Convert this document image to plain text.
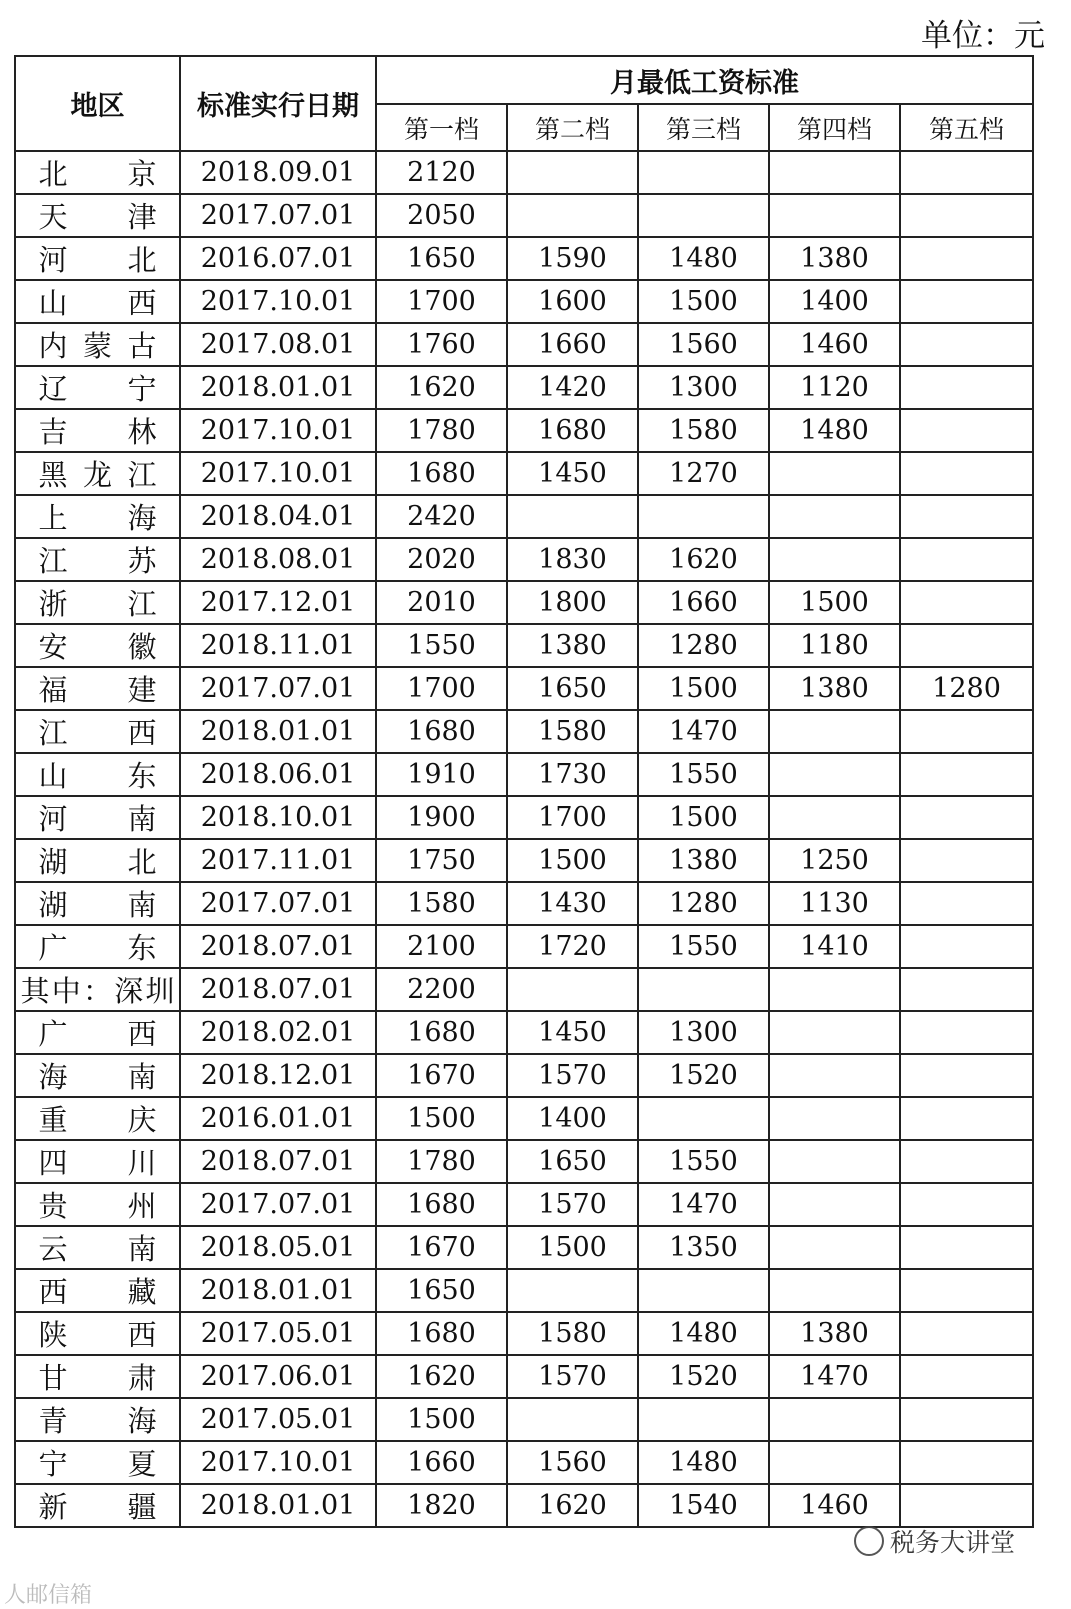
单位：元
地区	标准实行日期	月最低工资标准				
		第一档	第二档	第三档	第四档	第五档
北　京	2018.09.01	2120				
天　津	2017.07.01	2050				
河　北	2016.07.01	1650	1590	1480	1380	
山　西	2017.10.01	1700	1600	1500	1400	
内蒙古	2017.08.01	1760	1660	1560	1460	
辽　宁	2018.01.01	1620	1420	1300	1120	
吉　林	2017.10.01	1780	1680	1580	1480	
黑龙江	2017.10.01	1680	1450	1270		
上　海	2018.04.01	2420				
江　苏	2018.08.01	2020	1830	1620		
浙　江	2017.12.01	2010	1800	1660	1500	
安　徽	2018.11.01	1550	1380	1280	1180	
福　建	2017.07.01	1700	1650	1500	1380	1280
江　西	2018.01.01	1680	1580	1470		
山　东	2018.06.01	1910	1730	1550		
河　南	2018.10.01	1900	1700	1500		
湖　北	2017.11.01	1750	1500	1380	1250	
湖　南	2017.07.01	1580	1430	1280	1130	
广　东	2018.07.01	2100	1720	1550	1410	
其中：深圳	2018.07.01	2200				
广　西	2018.02.01	1680	1450	1300		
海　南	2018.12.01	1670	1570	1520		
重　庆	2016.01.01	1500	1400			
四　川	2018.07.01	1780	1650	1550		
贵　州	2017.07.01	1680	1570	1470		
云　南	2018.05.01	1670	1500	1350		
西　藏	2018.01.01	1650				
陕　西	2017.05.01	1680	1580	1480	1380	
甘　肃	2017.06.01	1620	1570	1520	1470	
青　海	2017.05.01	1500				
宁　夏	2017.10.01	1660	1560	1480		
新　疆	2018.01.01	1820	1620	1540	1460	
税务大讲堂
人邮信箱
